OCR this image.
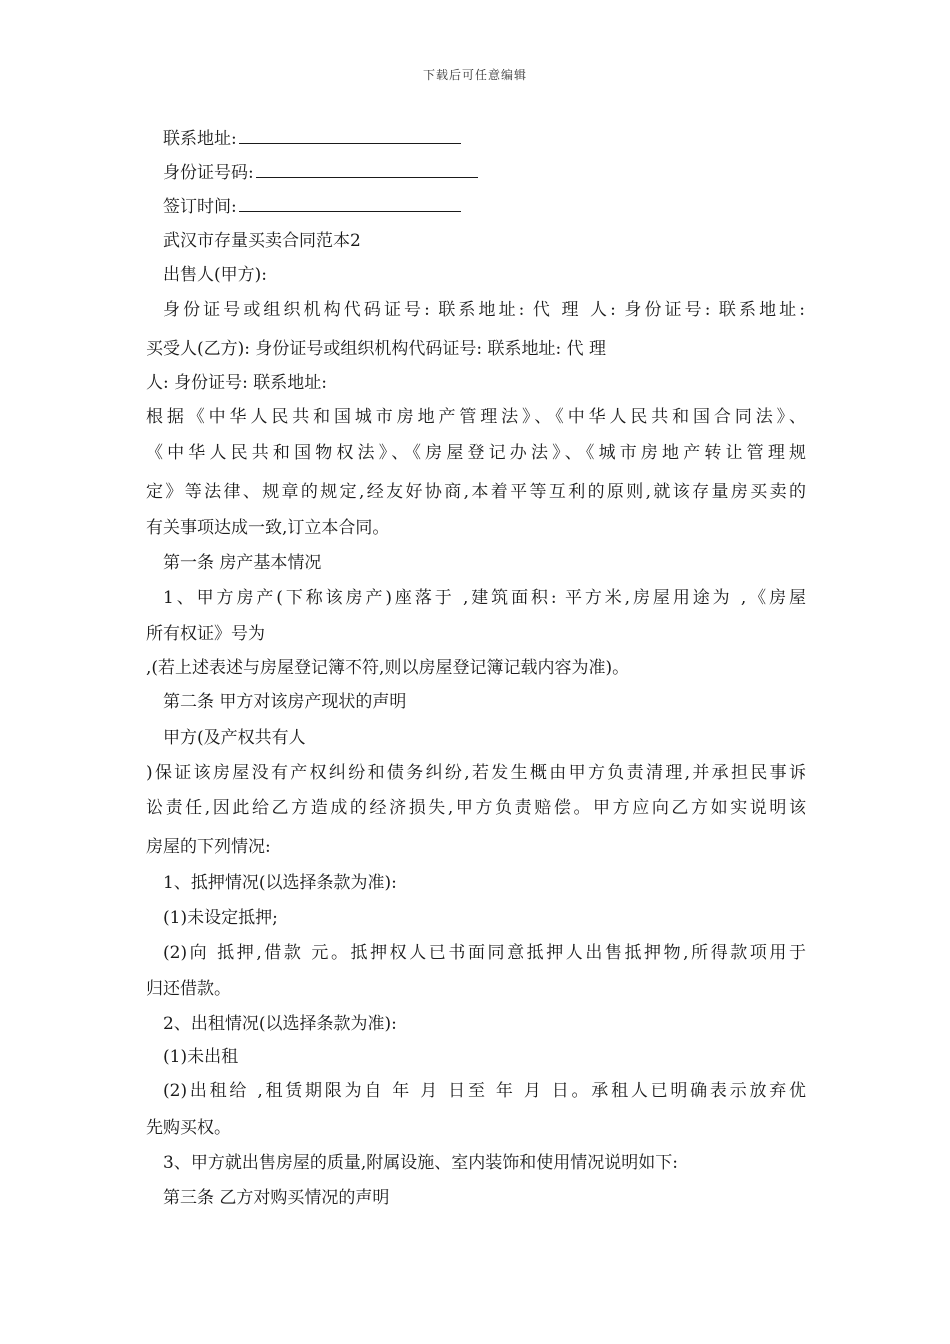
下载后可任意编辑
联系地址:
身份证号码:
签订时间:
武汉市存量买卖合同范本2
出售人(甲方):
身份证号或组织机构代码证号: 联系地址: 代 理 人: 身份证号: 联系地址:
买受人(乙方): 身份证号或组织机构代码证号: 联系地址: 代 理
人: 身份证号: 联系地址:
根据《中华人民共和国城市房地产管理法》、《中华人民共和国合同法》、
《中华人民共和国物权法》、《房屋登记办法》、《城市房地产转让管理规
定》等法律、规章的规定,经友好协商,本着平等互利的原则,就该存量房买卖的
有关事项达成一致,订立本合同。
第一条 房产基本情况
1、甲方房产(下称该房产)座落于 ,建筑面积: 平方米,房屋用途为 ,《房屋
所有权证》号为
,(若上述表述与房屋登记簿不符,则以房屋登记簿记载内容为准)。
第二条 甲方对该房产现状的声明
甲方(及产权共有人
)保证该房屋没有产权纠纷和债务纠纷,若发生概由甲方负责清理,并承担民事诉
讼责任,因此给乙方造成的经济损失,甲方负责赔偿。甲方应向乙方如实说明该
房屋的下列情况:
1、抵押情况(以选择条款为准):
(1)未设定抵押;
(2)向 抵押,借款 元。抵押权人已书面同意抵押人出售抵押物,所得款项用于
归还借款。
2、出租情况(以选择条款为准):
(1)未出租
(2)出租给 ,租赁期限为自 年 月 日至 年 月 日。承租人已明确表示放弃优
先购买权。
3、甲方就出售房屋的质量,附属设施、室内装饰和使用情况说明如下:
第三条 乙方对购买情况的声明
